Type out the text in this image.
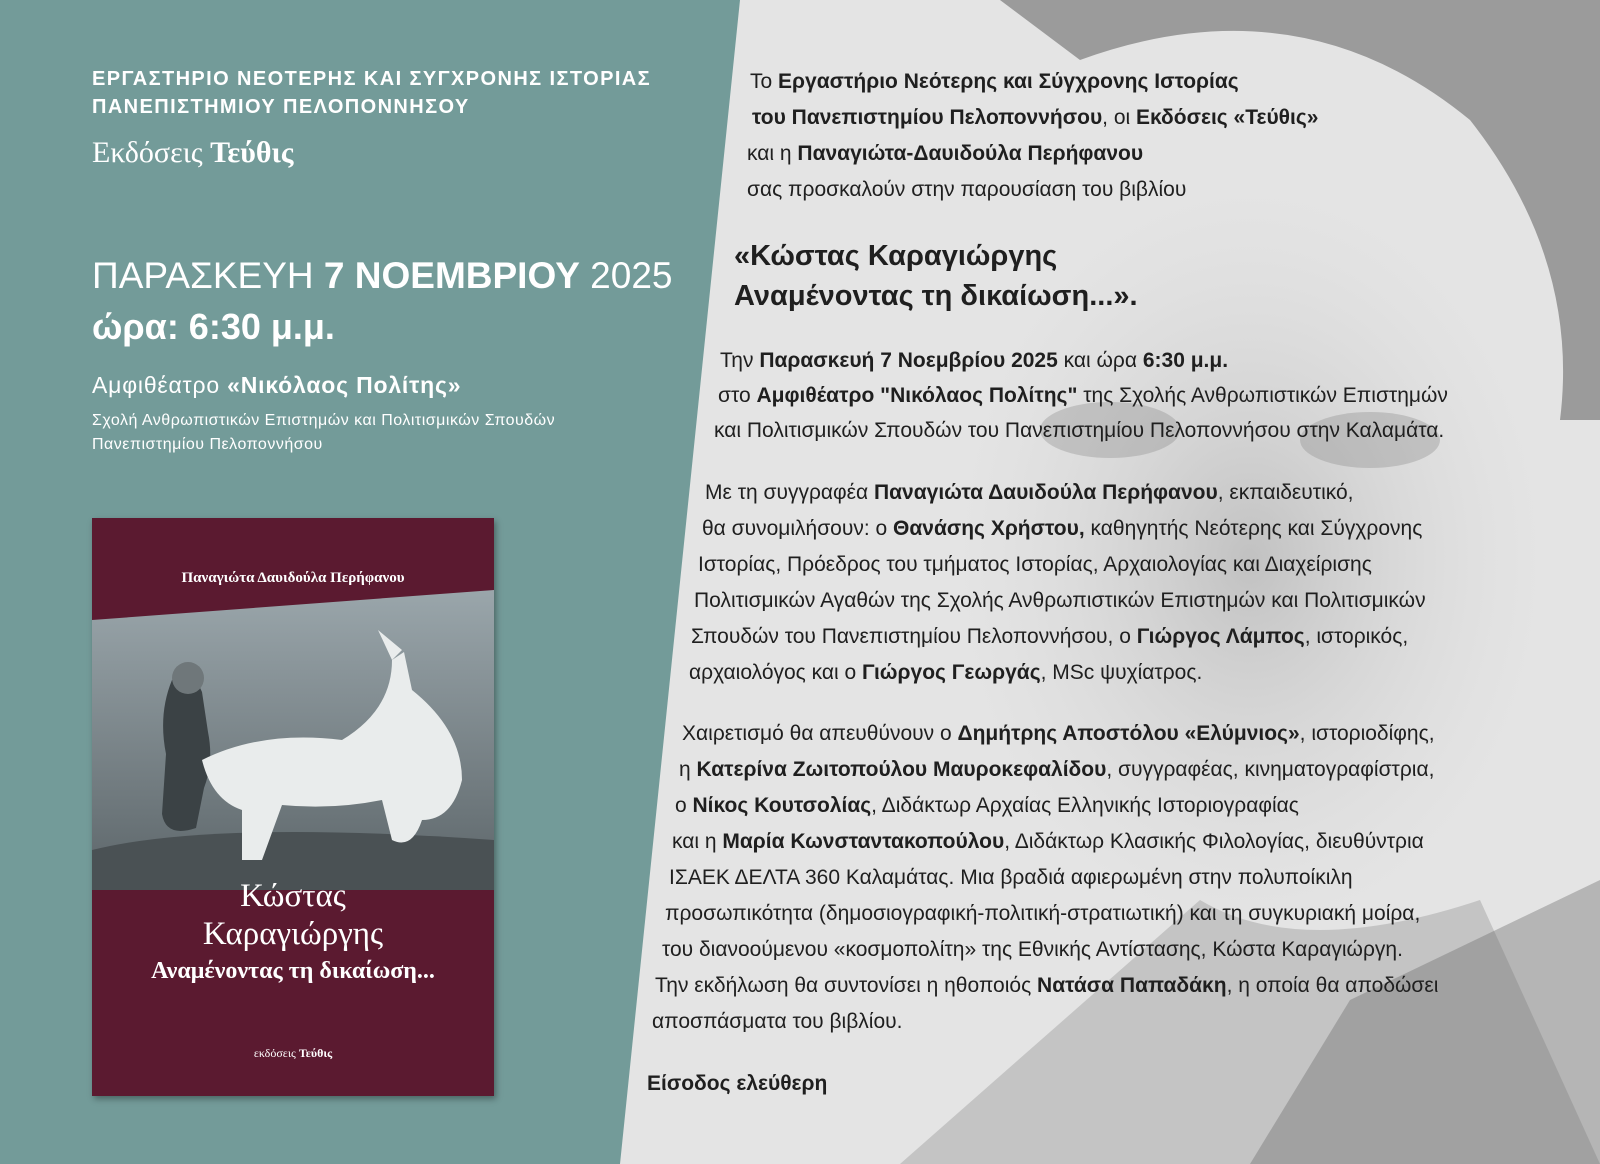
ΕΡΓΑΣΤΗΡΙΟ ΝΕΟΤΕΡΗΣ ΚΑΙ ΣΥΓΧΡΟΝΗΣ ΙΣΤΟΡΙΑΣ
ΠΑΝΕΠΙΣΤΗΜΙΟΥ ΠΕΛΟΠΟΝΝΗΣΟΥ
Εκδόσεις Τεύθις
ΠΑΡΑΣΚΕΥΗ 7 ΝΟΕΜΒΡΙΟΥ 2025
ώρα: 6:30 μ.μ.
Αμφιθέατρο «Νικόλαος Πολίτης»
Σχολή Ανθρωπιστικών Επιστημών και Πολιτισμικών Σπουδών
Πανεπιστημίου Πελοποννήσου
Παναγιώτα Δαυιδούλα Περήφανου
Κώστας
Καραγιώργης
Αναμένοντας τη δικαίωση...
εκδόσεις Τεύθις
Το Εργαστήριο Νεότερης και Σύγχρονης Ιστορίας
του Πανεπιστημίου Πελοποννήσου, οι Εκδόσεις «Τεύθις»
και η Παναγιώτα-Δαυιδούλα Περήφανου
σας προσκαλούν στην παρουσίαση του βιβλίου
«Κώστας Καραγιώργης
Αναμένοντας τη δικαίωση...».
Την Παρασκευή 7 Νοεμβρίου 2025 και ώρα 6:30 μ.μ.
στο Αμφιθέατρο "Νικόλαος Πολίτης" της Σχολής Ανθρωπιστικών Επιστημών
και Πολιτισμικών Σπουδών του Πανεπιστημίου Πελοποννήσου στην Καλαμάτα.
Με τη συγγραφέα Παναγιώτα Δαυιδούλα Περήφανου, εκπαιδευτικό,
θα συνομιλήσουν: ο Θανάσης Χρήστου, καθηγητής Νεότερης και Σύγχρονης
Ιστορίας, Πρόεδρος του τμήματος Ιστορίας, Αρχαιολογίας και Διαχείρισης
Πολιτισμικών Αγαθών της Σχολής Ανθρωπιστικών Επιστημών και Πολιτισμικών
Σπουδών του Πανεπιστημίου Πελοποννήσου, ο Γιώργος Λάμπος, ιστορικός,
αρχαιολόγος και ο Γιώργος Γεωργάς, MSc ψυχίατρος.
Χαιρετισμό θα απευθύνουν ο Δημήτρης Αποστόλου «Ελύμνιος», ιστοριοδίφης,
η Κατερίνα Ζωιτοπούλου Μαυροκεφαλίδου, συγγραφέας, κινηματογραφίστρια,
ο Νίκος Κουτσολίας, Διδάκτωρ Αρχαίας Ελληνικής Ιστοριογραφίας
και η Μαρία Κωνσταντακοπούλου, Διδάκτωρ Κλασικής Φιλολογίας, διευθύντρια
ΙΣΑΕΚ ΔΕΛΤΑ 360 Καλαμάτας. Μια βραδιά αφιερωμένη στην πολυποίκιλη
προσωπικότητα (δημοσιογραφική-πολιτική-στρατιωτική) και τη συγκυριακή μοίρα,
του διανοούμενου «κοσμοπολίτη» της Εθνικής Αντίστασης, Κώστα Καραγιώργη.
Την εκδήλωση θα συντονίσει η ηθοποιός Νατάσα Παπαδάκη, η οποία θα αποδώσει
αποσπάσματα του βιβλίου.
Είσοδος ελεύθερη
